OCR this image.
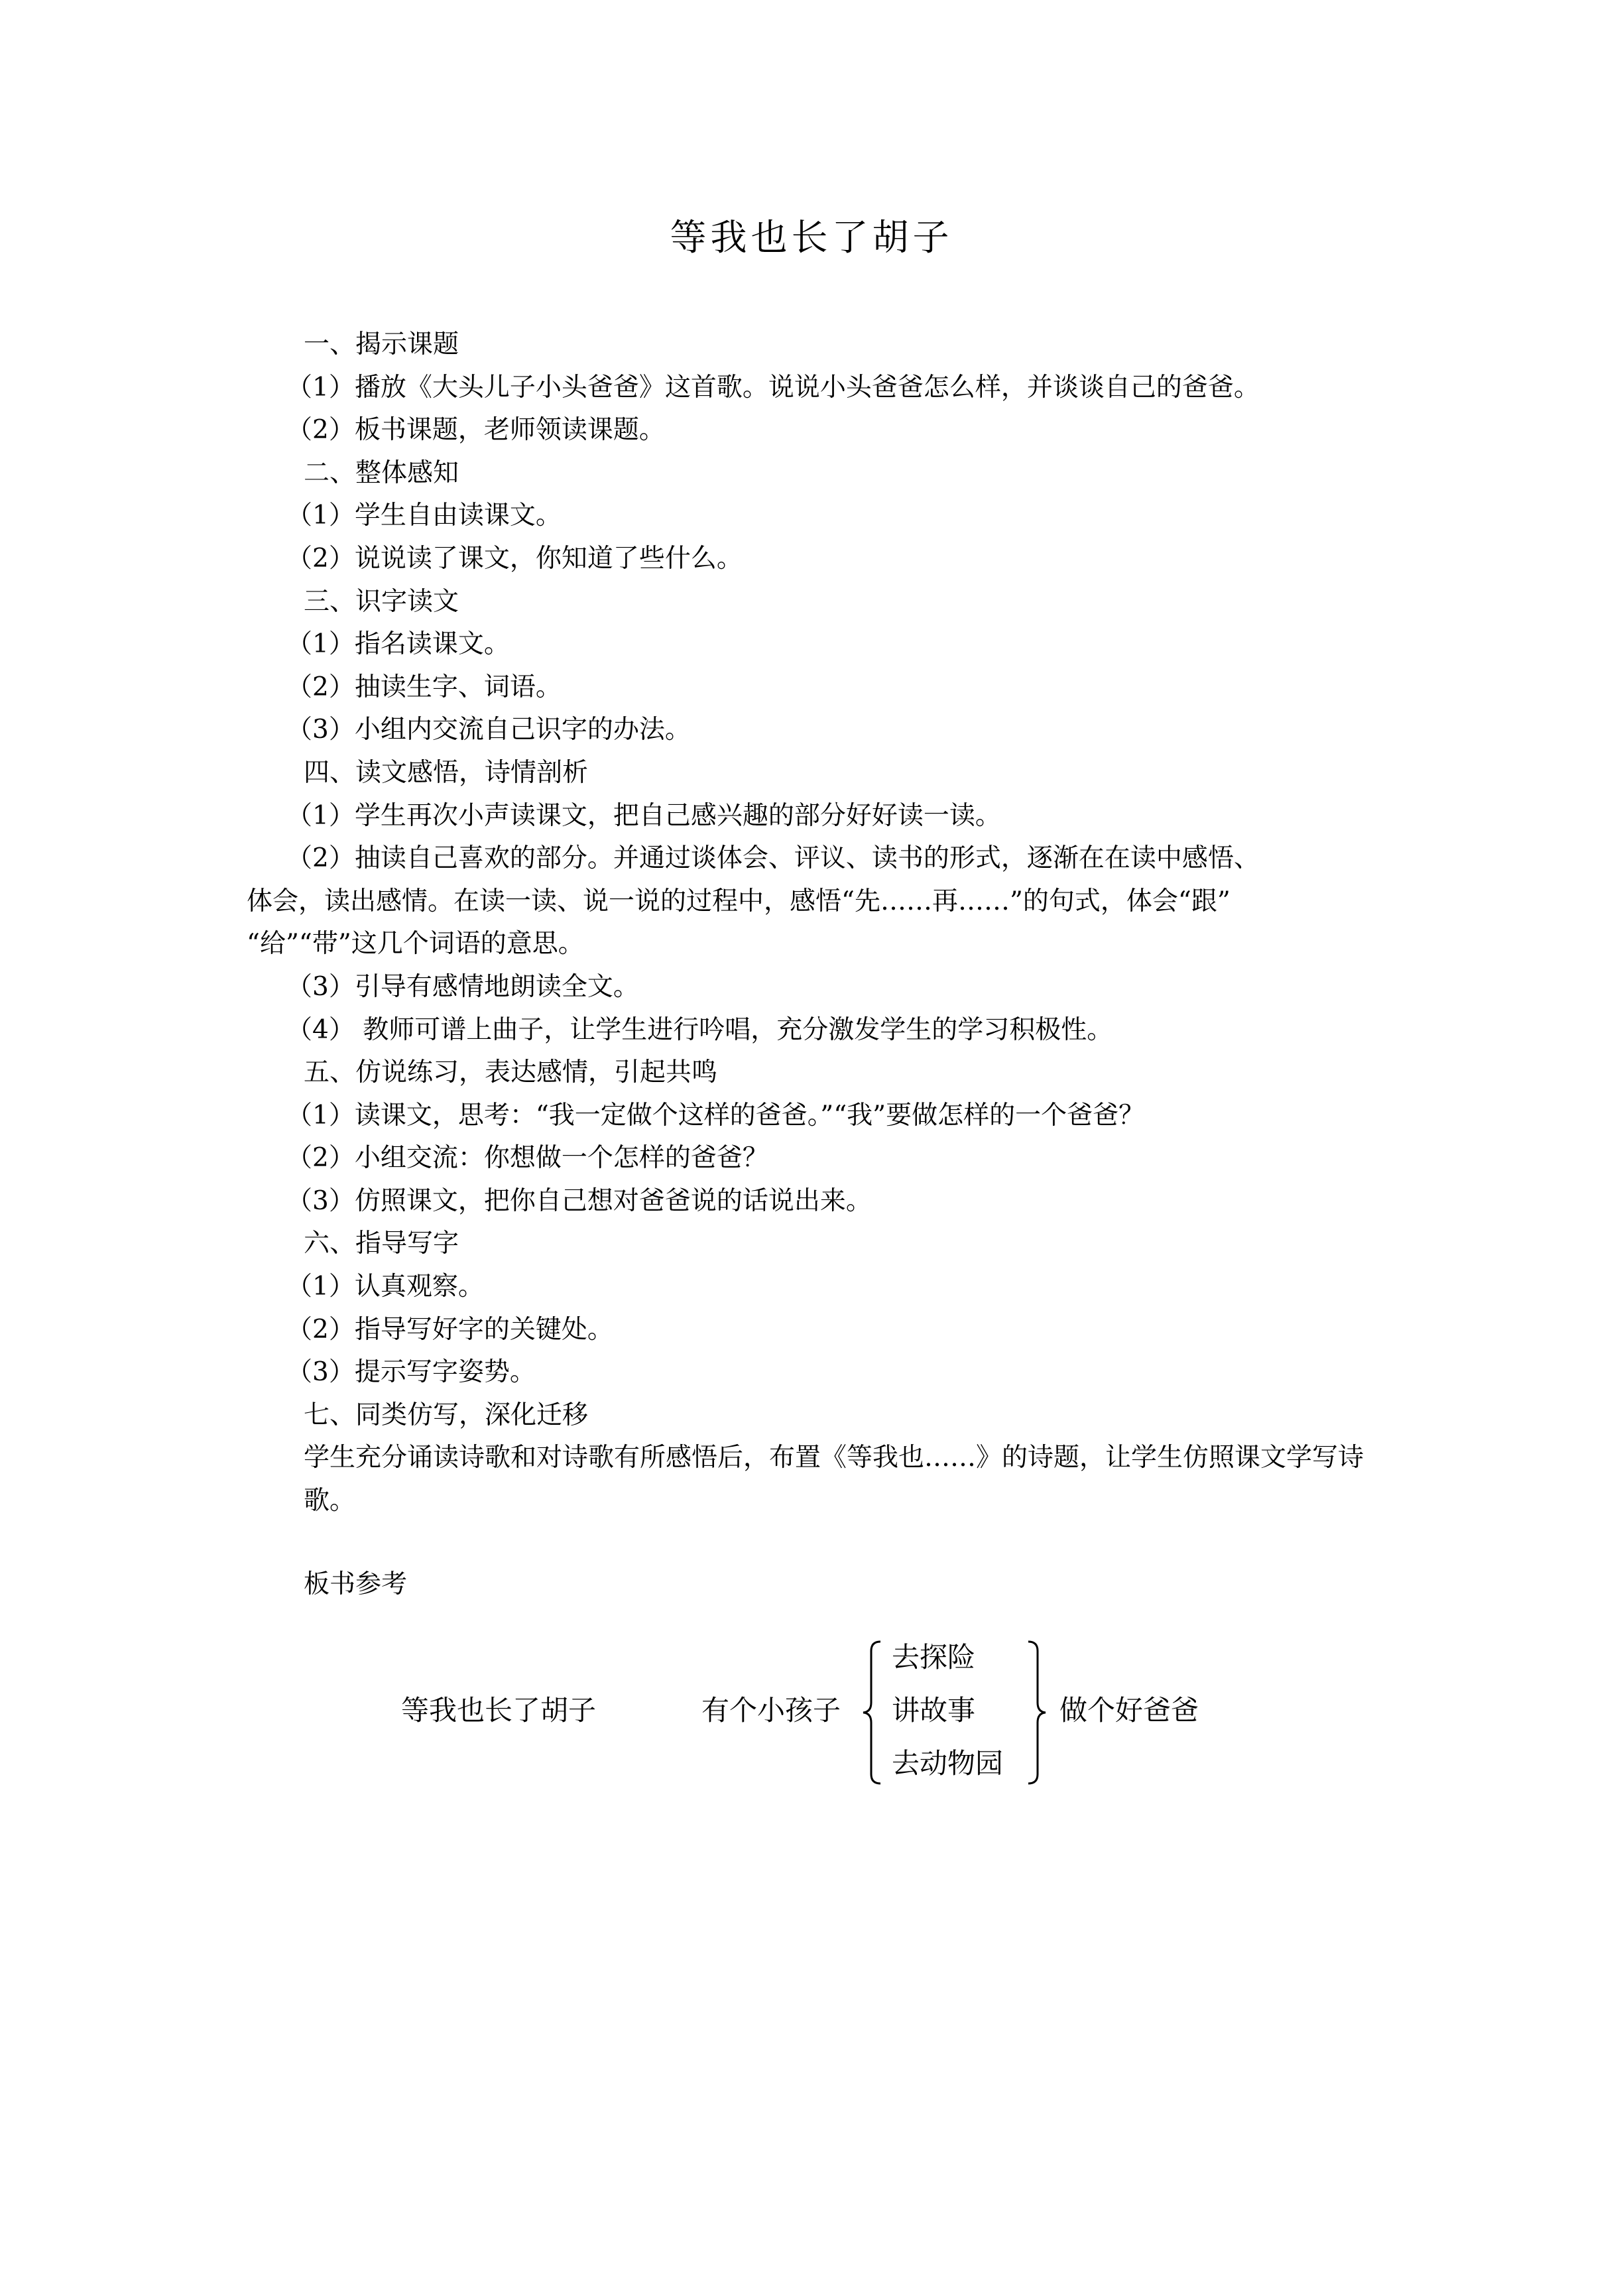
等我也长了胡子
一、揭示课题
（1）播放《大头儿子小头爸爸》这首歌。说说小头爸爸怎么样，并谈谈自己的爸爸。
（2）板书课题，老师领读课题。
二、整体感知
（1）学生自由读课文。
（2）说说读了课文，你知道了些什么。
三、识字读文
（1）指名读课文。
（2）抽读生字、词语。
（3）小组内交流自己识字的办法。
四、读文感悟，诗情剖析
（1）学生再次小声读课文，把自己感兴趣的部分好好读一读。
（2）抽读自己喜欢的部分。并通过谈体会、评议、读书的形式，逐渐在在读中感悟、
体会，读出感情。在读一读、说一说的过程中，感悟“先……再……”的句式，体会“跟”
“给”“带”这几个词语的意思。
（3）引导有感情地朗读全文。
（4） 教师可谱上曲子，让学生进行吟唱，充分激发学生的学习积极性。
五、仿说练习，表达感情，引起共鸣
（1）读课文，思考：“我一定做个这样的爸爸。”“我”要做怎样的一个爸爸？
（2）小组交流：你想做一个怎样的爸爸？
（3）仿照课文，把你自己想对爸爸说的话说出来。
六、指导写字
（1）认真观察。
（2）指导写好字的关键处。
（3）提示写字姿势。
七、同类仿写，深化迁移
学生充分诵读诗歌和对诗歌有所感悟后，布置《等我也……》的诗题，让学生仿照课文学写诗歌。
板书参考
等我也长了胡子	有个小孩子
去探险
讲故事
去动物园
做个好爸爸
